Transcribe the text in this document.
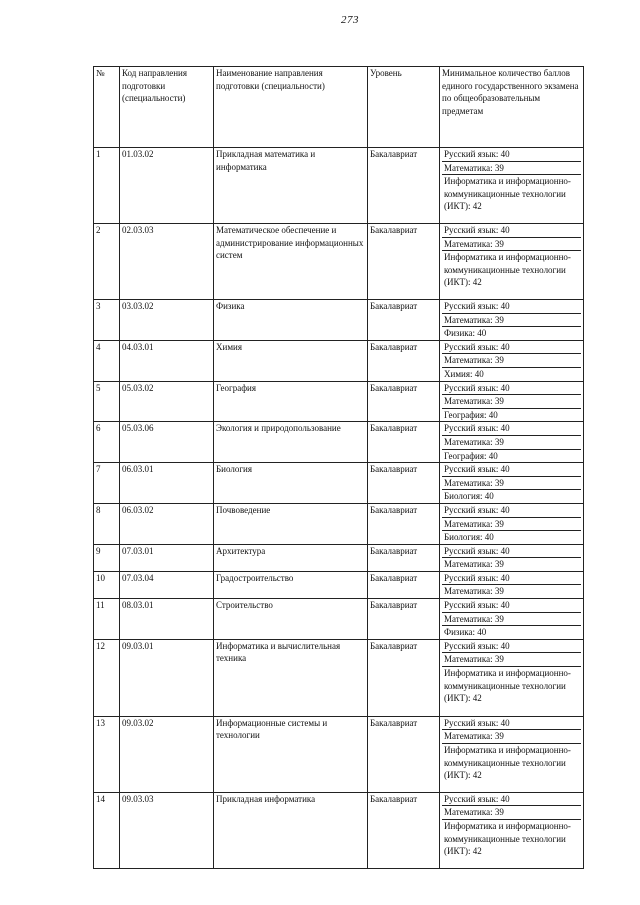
273
№	Код направления подготовки (специальности)	Наименование направления подготовки (специальности)	Уровень	Минимальное количество баллов единого государственного экзамена по общеобразовательным предметам
1	01.03.02	Прикладная математика и информатика	Бакалавриат	Русский язык: 40
Математика: 39
Информатика и информационно-коммуникационные технологии (ИКТ): 42

2	02.03.03	Математическое обеспечение и администрирование информационных систем	Бакалавриат	Русский язык: 40
Математика: 39
Информатика и информационно-коммуникационные технологии (ИКТ): 42

3	03.03.02	Физика	Бакалавриат	Русский язык: 40
Математика: 39
Физика: 40

4	04.03.01	Химия	Бакалавриат	Русский язык: 40
Математика: 39
Химия: 40

5	05.03.02	География	Бакалавриат	Русский язык: 40
Математика: 39
География: 40

6	05.03.06	Экология и природопользование	Бакалавриат	Русский язык: 40
Математика: 39
География: 40

7	06.03.01	Биология	Бакалавриат	Русский язык: 40
Математика: 39
Биология: 40

8	06.03.02	Почвоведение	Бакалавриат	Русский язык: 40
Математика: 39
Биология: 40

9	07.03.01	Архитектура	Бакалавриат	Русский язык: 40
Математика: 39

10	07.03.04	Градостроительство	Бакалавриат	Русский язык: 40
Математика: 39

11	08.03.01	Строительство	Бакалавриат	Русский язык: 40
Математика: 39
Физика: 40

12	09.03.01	Информатика и вычислительная техника	Бакалавриат	Русский язык: 40
Математика: 39
Информатика и информационно-коммуникационные технологии (ИКТ): 42

13	09.03.02	Информационные системы и технологии	Бакалавриат	Русский язык: 40
Математика: 39
Информатика и информационно-коммуникационные технологии (ИКТ): 42

14	09.03.03	Прикладная информатика	Бакалавриат	Русский язык: 40
Математика: 39
Информатика и информационно-коммуникационные технологии (ИКТ): 42
